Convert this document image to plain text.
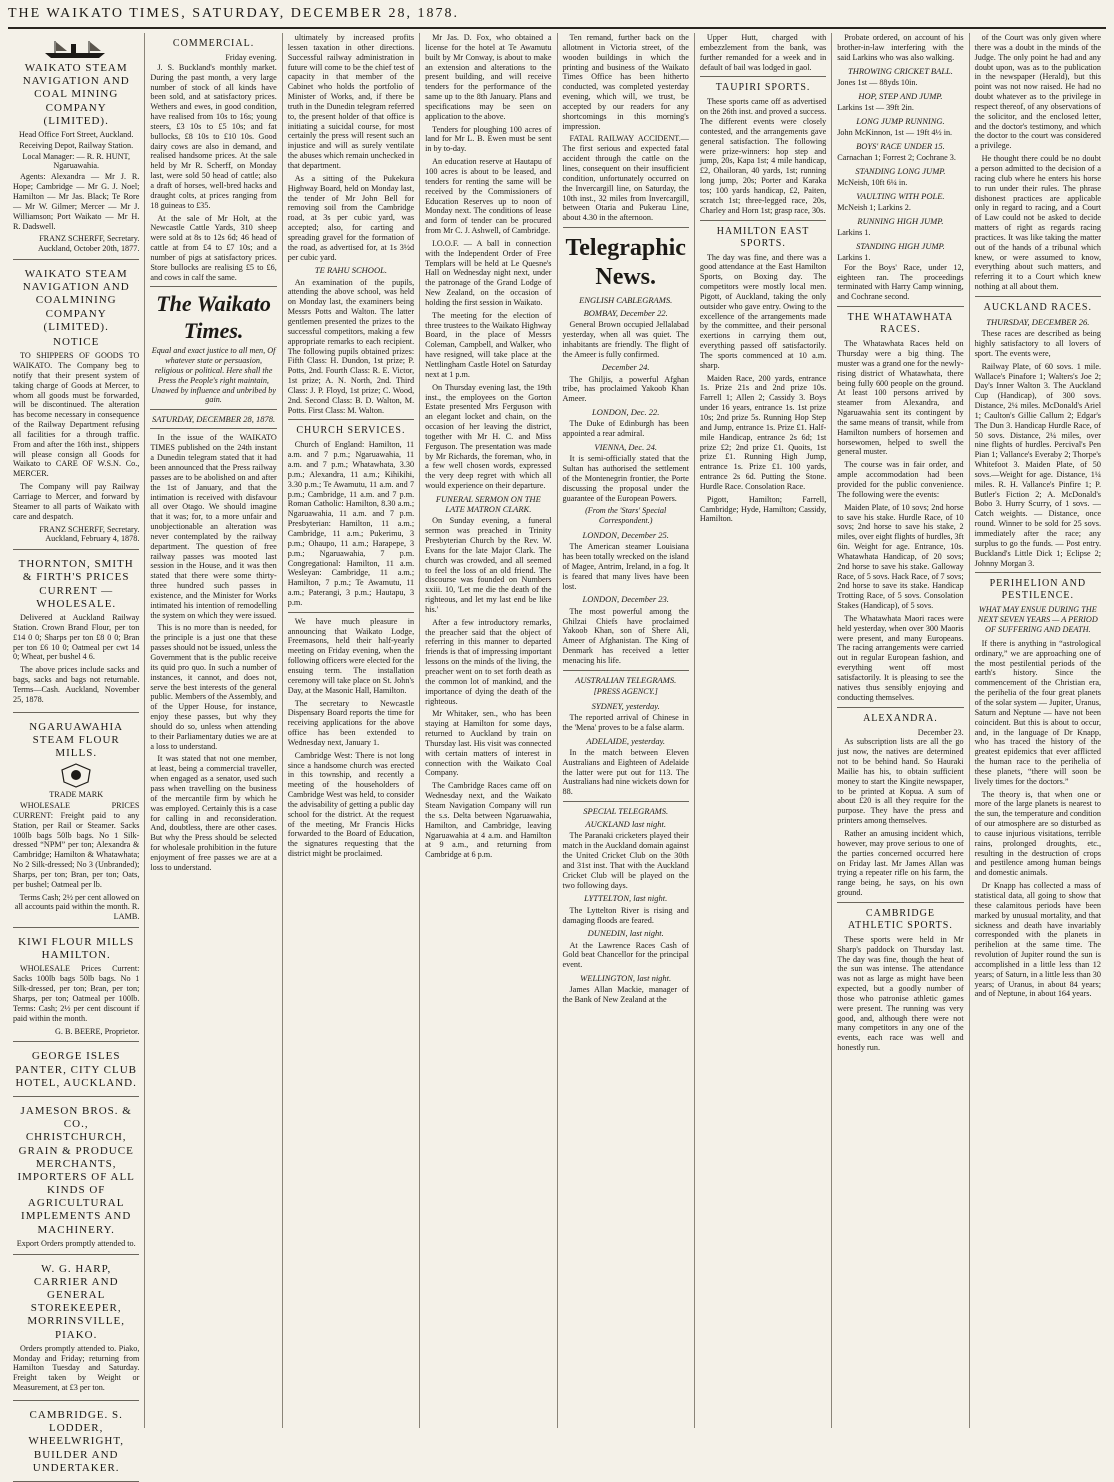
THE WAIKATO TIMES, SATURDAY, DECEMBER 28, 1878.
WAIKATO STEAM NAVIGATION AND COAL MINING COMPANY (LIMITED).
Head Office Fort Street, Auckland.
Receiving Depot, Railway Station.
Local Manager: — R. R. HUNT, Ngaruawahia.

Agents: Alexandra — Mr J. R. Hope; Cambridge — Mr G. J. Noel; Hamilton — Mr Jas. Black; Te Rore — Mr W. Gilmer; Mercer — Mr J. Williamson; Port Waikato — Mr H. R. Dadswell.

FRANZ SCHERFF, Secretary. Auckland, October 20th, 1877.
WAIKATO STEAM NAVIGATION AND COALMINING COMPANY (LIMITED).
NOTICE

TO SHIPPERS OF GOODS TO WAIKATO. The Company beg to notify that their present system of taking charge of Goods at Mercer, to whom all goods must be forwarded, will be discontinued. The alteration has become necessary in consequence of the Railway Department refusing all facilities for a through traffic. From and after the 16th inst., shippers will please consign all Goods for Waikato to CARE OF W.S.N. Co., MERCER.

The Company will pay Railway Carriage to Mercer, and forward by Steamer to all parts of Waikato with care and despatch.

FRANZ SCHERFF, Secretary. Auckland, February 4, 1878.
THORNTON, SMITH & FIRTH'S PRICES CURRENT — WHOLESALE.

Delivered at Auckland Railway Station. Crown Brand Flour, per ton £14 0 0; Sharps per ton £8 0 0; Bran per ton £6 10 0; Oatmeal per cwt 14 0; Wheat, per bushel 4 6.

The above prices include sacks and bags, sacks and bags not returnable. Terms—Cash. Auckland, November 25, 1878.

NGARUAWAHIA STEAM FLOUR MILLS.
TRADE MARK

WHOLESALE PRICES CURRENT: Freight paid to any Station, per Rail or Steamer. Sacks 100lb bags 50lb bags. No 1 Silk-dressed “NPM” per ton; Alexandra & Cambridge; Hamilton & Whatawhata; No 2 Silk-dressed; No 3 (Unbranded); Sharps, per ton; Bran, per ton; Oats, per bushel; Oatmeal per lb.

Terms Cash; 2½ per cent allowed on all accounts paid within the month. R. LAMB.
KIWI FLOUR MILLS HAMILTON.

WHOLESALE Prices Current: Sacks 100lb bags 50lb bags. No 1 Silk-dressed, per ton; Bran, per ton; Sharps, per ton; Oatmeal per 100lb. Terms: Cash; 2½ per cent discount if paid within the month.

G. B. BEERE, Proprietor.
GEORGE ISLES PANTER, CITY CLUB HOTEL, AUCKLAND.
JAMESON BROS. & CO., CHRISTCHURCH, GRAIN & PRODUCE MERCHANTS, IMPORTERS OF ALL KINDS OF AGRICULTURAL IMPLEMENTS AND MACHINERY.
Export Orders promptly attended to.
W. G. HARP, CARRIER AND GENERAL STOREKEEPER, MORRINSVILLE, PIAKO.

Orders promptly attended to. Piako, Monday and Friday; returning from Hamilton Tuesday and Saturday. Freight taken by Weight or Measurement, at £3 per ton.

CAMBRIDGE. S. LODDER, WHEELWRIGHT, BUILDER AND UNDERTAKER.
COMMERCIAL.
Friday evening.

J. S. Buckland's monthly market. During the past month, a very large number of stock of all kinds have been sold, and at satisfactory prices. Wethers and ewes, in good condition, have realised from 10s to 16s; young steers, £3 10s to £5 10s; and fat bullocks, £8 10s to £10 10s. Good dairy cows are also in demand, and realised handsome prices. At the sale held by Mr R. Scherff, on Monday last, were sold 50 head of cattle; also a draft of horses, well-bred hacks and draught colts, at prices ranging from 18 guineas to £35.

At the sale of Mr Holt, at the Newcastle Cattle Yards, 310 sheep were sold at 8s to 12s 6d; 46 head of cattle at from £4 to £7 10s; and a number of pigs at satisfactory prices. Store bullocks are realising £5 to £6, and cows in calf the same.

The Waikato Times.

Equal and exact justice to all men, Of whatever state or persuasion, religious or political. Here shall the Press the People's right maintain, Unawed by influence and unbribed by gain.

SATURDAY, DECEMBER 28, 1878.

In the issue of the WAIKATO TIMES published on the 24th instant a Dunedin telegram stated that it had been announced that the Press railway passes are to be abolished on and after the 1st of January, and that the intimation is received with disfavour all over Otago. We should imagine that it was; for, to a more unfair and unobjectionable an alteration was never contemplated by the railway department. The question of free railway passes was mooted last session in the House, and it was then stated that there were some thirty-three hundred such passes in existence, and the Minister for Works intimated his intention of remodelling the system on which they were issued.

This is no more than is needed, for the principle is a just one that these passes should not be issued, unless the Government that is the public receive its quid pro quo. In such a number of instances, it cannot, and does not, serve the best interests of the general public. Members of the Assembly, and of the Upper House, for instance, enjoy these passes, but why they should do so, unless when attending to their Parliamentary duties we are at a loss to understand.

It was stated that not one member, at least, being a commercial traveller, when engaged as a senator, used such pass when travelling on the business of the mercantile firm by which he was employed. Certainly this is a case for calling in and reconsideration. And, doubtless, there are other cases. But why the Press should be selected for wholesale prohibition in the future enjoyment of free passes we are at a loss to understand.

ultimately by increased profits lessen taxation in other directions. Successful railway administration in future will come to be the chief test of capacity in that member of the Cabinet who holds the portfolio of Minister of Works, and, if there be truth in the Dunedin telegram referred to, the present holder of that office is initiating a suicidal course, for most certainly the press will resent such an injustice and will as surely ventilate the abuses which remain unchecked in that department.

As a sitting of the Pukekura Highway Board, held on Monday last, the tender of Mr John Bell for removing soil from the Cambridge road, at 3s per cubic yard, was accepted; also, for carting and spreading gravel for the formation of the road, as advertised for, at 1s 3½d per cubic yard.

TE RAHU SCHOOL.

An examination of the pupils, attending the above school, was held on Monday last, the examiners being Messrs Potts and Walton. The latter gentlemen presented the prizes to the successful competitors, making a few appropriate remarks to each recipient. The following pupils obtained prizes: Fifth Class: H. Dundon, 1st prize; P. Potts, 2nd. Fourth Class: R. E. Victor, 1st prize; A. N. North, 2nd. Third Class: J. P. Floyd, 1st prize; C. Wood, 2nd. Second Class: B. D. Walton, M. Potts. First Class: M. Walton.

CHURCH SERVICES.

Church of England: Hamilton, 11 a.m. and 7 p.m.; Ngaruawahia, 11 a.m. and 7 p.m.; Whatawhata, 3.30 p.m.; Alexandra, 11 a.m.; Kihikihi, 3.30 p.m.; Te Awamutu, 11 a.m. and 7 p.m.; Cambridge, 11 a.m. and 7 p.m. Roman Catholic: Hamilton, 8.30 a.m.; Ngaruawahia, 11 a.m. and 7 p.m. Presbyterian: Hamilton, 11 a.m.; Cambridge, 11 a.m.; Pukerimu, 3 p.m.; Ohaupo, 11 a.m.; Harapepe, 3 p.m.; Ngaruawahia, 7 p.m. Congregational: Hamilton, 11 a.m. Wesleyan: Cambridge, 11 a.m.; Hamilton, 7 p.m.; Te Awamutu, 11 a.m.; Paterangi, 3 p.m.; Hautapu, 3 p.m.

We have much pleasure in announcing that Waikato Lodge, Freemasons, held their half-yearly meeting on Friday evening, when the following officers were elected for the ensuing term. The installation ceremony will take place on St. John's Day, at the Masonic Hall, Hamilton.

The secretary to Newcastle Dispensary Board reports the time for receiving applications for the above office has been extended to Wednesday next, January 1.

Cambridge West: There is not long since a handsome church was erected in this township, and recently a meeting of the householders of Cambridge West was held, to consider the advisability of getting a public day school for the district. At the request of the meeting, Mr Francis Hicks forwarded to the Board of Education, the signatures requesting that the district might be proclaimed.

Mr Jas. D. Fox, who obtained a license for the hotel at Te Awamutu built by Mr Conway, is about to make an extension and alterations to the present building, and will receive tenders for the performance of the same up to the 8th January. Plans and specifications may be seen on application to the above.

Tenders for ploughing 100 acres of land for Mr L. B. Ewen must be sent in by to-day.

An education reserve at Hautapu of 100 acres is about to be leased, and tenders for renting the same will be received by the Commissioners of Education Reserves up to noon of Monday next. The conditions of lease and form of tender can be procured from Mr C. J. Ashwell, of Cambridge.

I.O.O.F. — A ball in connection with the Independent Order of Free Templars will be held at Le Quesne's Hall on Wednesday night next, under the patronage of the Grand Lodge of New Zealand, on the occasion of holding the first session in Waikato.

The meeting for the election of three trustees to the Waikato Highway Board, in the place of Messrs Coleman, Campbell, and Walker, who have resigned, will take place at the Nettlingham Castle Hotel on Saturday next at 1 p.m.

On Thursday evening last, the 19th inst., the employees on the Gorton Estate presented Mrs Ferguson with an elegant locket and chain, on the occasion of her leaving the district, together with Mr H. C. and Miss Ferguson. The presentation was made by Mr Richards, the foreman, who, in a few well chosen words, expressed the very deep regret with which all would experience on their departure.

FUNERAL SERMON ON THE LATE MATRON CLARK.

On Sunday evening, a funeral sermon was preached in Trinity Presbyterian Church by the Rev. W. Evans for the late Major Clark. The church was crowded, and all seemed to feel the loss of an old friend. The discourse was founded on Numbers xxiii. 10, 'Let me die the death of the righteous, and let my last end be like his.'

After a few introductory remarks, the preacher said that the object of referring in this manner to departed friends is that of impressing important lessons on the minds of the living, the preacher went on to set forth death as the common lot of mankind, and the importance of dying the death of the righteous.

Mr Whitaker, sen., who has been staying at Hamilton for some days, returned to Auckland by train on Thursday last. His visit was connected with certain matters of interest in connection with the Waikato Coal Company.

The Cambridge Races came off on Wednesday next, and the Waikato Steam Navigation Company will run the s.s. Delta between Ngaruawahia, Hamilton, and Cambridge, leaving Ngaruawahia at 4 a.m. and Hamilton at 9 a.m., and returning from Cambridge at 6 p.m.

Ten remand, further back on the allotment in Victoria street, of the wooden buildings in which the printing and business of the Waikato Times Office has been hitherto conducted, was completed yesterday evening, which will, we trust, be accepted by our readers for any shortcomings in this morning's impression.

FATAL RAILWAY ACCIDENT.—The first serious and expected fatal accident through the cattle on the lines, consequent on their insufficient condition, unfortunately occurred on the Invercargill line, on Saturday, the 10th inst., 32 miles from Invercargill, between Otaria and Pukerau Line, about 4.30 in the afternoon.

Telegraphic News.
ENGLISH CABLEGRAMS.
BOMBAY, December 22.

General Brown occupied Jellalabad yesterday, when all was quiet. The inhabitants are friendly. The flight of the Ameer is fully confirmed.

December 24.

The Ghiljis, a powerful Afghan tribe, has proclaimed Yakoob Khan Ameer.

LONDON, Dec. 22.

The Duke of Edinburgh has been appointed a rear admiral.

VIENNA, Dec. 24.

It is semi-officially stated that the Sultan has authorised the settlement of the Montenegrin frontier, the Porte discussing the proposal under the guarantee of the European Powers.

(From the 'Stars' Special Correspondent.)
LONDON, December 25.

The American steamer Louisiana has been totally wrecked on the island of Magee, Antrim, Ireland, in a fog. It is feared that many lives have been lost.

LONDON, December 23.

The most powerful among the Ghilzai Chiefs have proclaimed Yakoob Khan, son of Shere Ali, Ameer of Afghanistan. The King of Denmark has received a letter menacing his life.

AUSTRALIAN TELEGRAMS.
[PRESS AGENCY.]
SYDNEY, yesterday.

The reported arrival of Chinese in the 'Mena' proves to be a false alarm.

ADELAIDE, yesterday.

In the match between Eleven Australians and Eighteen of Adelaide the latter were put out for 113. The Australians had nine wickets down for 88.

SPECIAL TELEGRAMS.
AUCKLAND last night.

The Paranaki cricketers played their match in the Auckland domain against the United Cricket Club on the 30th and 31st inst. That with the Auckland Cricket Club will be played on the two following days.

LYTTELTON, last night.

The Lyttelton River is rising and damaging floods are feared.

DUNEDIN, last night.

At the Lawrence Races Cash of Gold beat Chancellor for the principal event.

WELLINGTON, last night.

James Allan Mackie, manager of the Bank of New Zealand at the

Upper Hutt, charged with embezzlement from the bank, was further remanded for a week and in default of bail was lodged in gaol.

TAUPIRI SPORTS.

These sports came off as advertised on the 26th inst. and proved a success. The different events were closely contested, and the arrangements gave general satisfaction. The following were prize-winners: hop step and jump, 20s, Kapa 1st; 4 mile handicap, £2, Ohailoran, 40 yards, 1st; running long jump, 20s; Porter and Karaka tos; 100 yards handicap, £2, Paiten, scratch 1st; three-legged race, 20s, Charley and Horn 1st; grasp race, 30s.

HAMILTON EAST SPORTS.

The day was fine, and there was a good attendance at the East Hamilton Sports, on Boxing day. The competitors were mostly local men. Pigott, of Auckland, taking the only outsider who gave entry. Owing to the excellence of the arrangements made by the committee, and their personal exertions in carrying them out, everything passed off satisfactorily. The sports commenced at 10 a.m. sharp.

Maiden Race, 200 yards, entrance 1s. Prize 21s and 2nd prize 10s. Farrell 1; Allen 2; Cassidy 3. Boys under 16 years, entrance 1s. 1st prize 10s; 2nd prize 5s. Running Hop Step and Jump, entrance 1s. Prize £1. Half-mile Handicap, entrance 2s 6d; 1st prize £2; 2nd prize £1. Quoits, 1st prize £1. Running High Jump, entrance 1s. Prize £1. 100 yards, entrance 2s 6d. Putting the Stone. Hurdle Race. Consolation Race.

Pigott, Hamilton; Farrell, Cambridge; Hyde, Hamilton; Cassidy, Hamilton.

Probate ordered, on account of his brother-in-law interfering with the said Larkins who was also walking.

THROWING CRICKET BALL.
Jones 1st — 88yds 10in.
HOP, STEP AND JUMP.
Larkins 1st — 39ft 2in.
LONG JUMP RUNNING.
John McKinnon, 1st — 19ft 4½ in.
BOYS' RACE UNDER 15.
Carnachan 1; Forrest 2; Cochrane 3.
STANDING LONG JUMP.
McNeish, 10ft 6¼ in.
VAULTING WITH POLE.
McNeish 1; Larkins 2.
RUNNING HIGH JUMP.
Larkins 1.
STANDING HIGH JUMP.
Larkins 1.

For the Boys' Race, under 12, eighteen ran. The proceedings terminated with Harry Camp winning, and Cochrane second.

THE WHATAWHATA RACES.

The Whatawhata Races held on Thursday were a big thing. The muster was a grand one for the newly-rising district of Whatawhata, there being fully 600 people on the ground. At least 100 persons arrived by steamer from Alexandra, and Ngaruawahia sent its contingent by the same means of transit, while from Hamilton numbers of horsemen and horsewomen, helped to swell the general muster.

The course was in fair order, and ample accommodation had been provided for the public convenience. The following were the events:

Maiden Plate, of 10 sovs; 2nd horse to save his stake. Hurdle Race, of 10 sovs; 2nd horse to save his stake, 2 miles, over eight flights of hurdles, 3ft 6in. Weight for age. Entrance, 10s. Whatawhata Handicap, of 20 sovs; 2nd horse to save his stake. Galloway Race, of 5 sovs. Hack Race, of 7 sovs; 2nd horse to save its stake. Handicap Trotting Race, of 5 sovs. Consolation Stakes (Handicap), of 5 sovs.

The Whatawhata Maori races were held yesterday, when over 300 Maoris were present, and many Europeans. The racing arrangements were carried out in regular European fashion, and everything went off most satisfactorily. It is pleasing to see the natives thus sensibly enjoying and conducting themselves.

ALEXANDRA.
December 23.

As subscription lists are all the go just now, the natives are determined not to be behind hand. So Hauraki Mailie has his, to obtain sufficient money to start the Kingite newspaper, to be printed at Kopua. A sum of about £20 is all they require for the purpose. They have the press and printers among themselves.

Rather an amusing incident which, however, may prove serious to one of the parties concerned occurred here on Friday last. Mr James Allan was trying a repeater rifle on his farm, the range being, he says, on his own ground.

CAMBRIDGE ATHLETIC SPORTS.

These sports were held in Mr Sharp's paddock on Thursday last. The day was fine, though the heat of the sun was intense. The attendance was not as large as might have been expected, but a goodly number of those who patronise athletic games were present. The running was very good, and, although there were not many competitors in any one of the events, each race was well and honestly run.

of the Court was only given where there was a doubt in the minds of the Judge. The only point he had and any doubt upon, was as to the publication in the newspaper (Herald), but this point was not now raised. He had no doubt whatever as to the privilege in respect thereof, of any observations of the solicitor, and the enclosed letter, and the doctor's testimony, and which the doctor to the court was considered a privilege.

He thought there could be no doubt a person admitted to the decision of a racing club where he enters his horse to run under their rules. The phrase dishonest practices are applicable only in regard to racing, and a Court of Law could not be asked to decide matters of right as regards racing practices. It was like taking the matter out of the hands of a tribunal which knew, or were assumed to know, everything about such matters, and referring it to a Court which knew nothing at all about them.

AUCKLAND RACES.
THURSDAY, DECEMBER 26.

These races are described as being highly satisfactory to all lovers of sport. The events were,

Railway Plate, of 60 sovs. 1 mile. Wallace's Pinafore 1; Walters's Joe 2; Day's Inner Walton 3. The Auckland Cup (Handicap), of 300 sovs. Distance, 2¼ miles. McDonald's Ariel 1; Caulton's Gillie Callum 2; Edgar's The Dun 3. Handicap Hurdle Race, of 50 sovs. Distance, 2¼ miles, over nine flights of hurdles. Percival's Pen Pian 1; Vallance's Everaby 2; Thorpe's Whitefoot 3. Maiden Plate, of 50 sovs.—Weight for age. Distance, 1¼ miles. R. H. Vallance's Pinfire 1; P. Butler's Fiction 2; A. McDonald's Bobo 3. Hurry Scurry, of 1 sovs. — Catch weights. — Distance, once round. Winner to be sold for 25 sovs. immediately after the race; any surplus to go the funds. — Post entry. Buckland's Little Dick 1; Eclipse 2; Johnny Morgan 3.

PERIHELION AND PESTILENCE.
WHAT MAY ENSUE DURING THE NEXT SEVEN YEARS — A PERIOD OF SUFFERING AND DEATH.

If there is anything in “astrological ordinary,” we are approaching one of the most pestilential periods of the earth's history. Since the commencement of the Christian era, the perihelia of the four great planets of the solar system — Jupiter, Uranus, Saturn and Neptune — have not been coincident. But this is about to occur, and, in the language of Dr Knapp, who has traced the history of the greatest epidemics that ever afflicted the human race to the perihelia of these planets, “there will soon be lively times for the doctors.”

The theory is, that when one or more of the large planets is nearest to the sun, the temperature and condition of our atmosphere are so disturbed as to cause injurious visitations, terrible rains, prolonged droughts, etc., resulting in the destruction of crops and pestilence among human beings and domestic animals.

Dr Knapp has collected a mass of statistical data, all going to show that these calamitous periods have been marked by unusual mortality, and that sickness and death have invariably corresponded with the planets in perihelion at the same time. The revolution of Jupiter round the sun is accomplished in a little less than 12 years; of Saturn, in a little less than 30 years; of Uranus, in about 84 years; and of Neptune, in about 164 years.
